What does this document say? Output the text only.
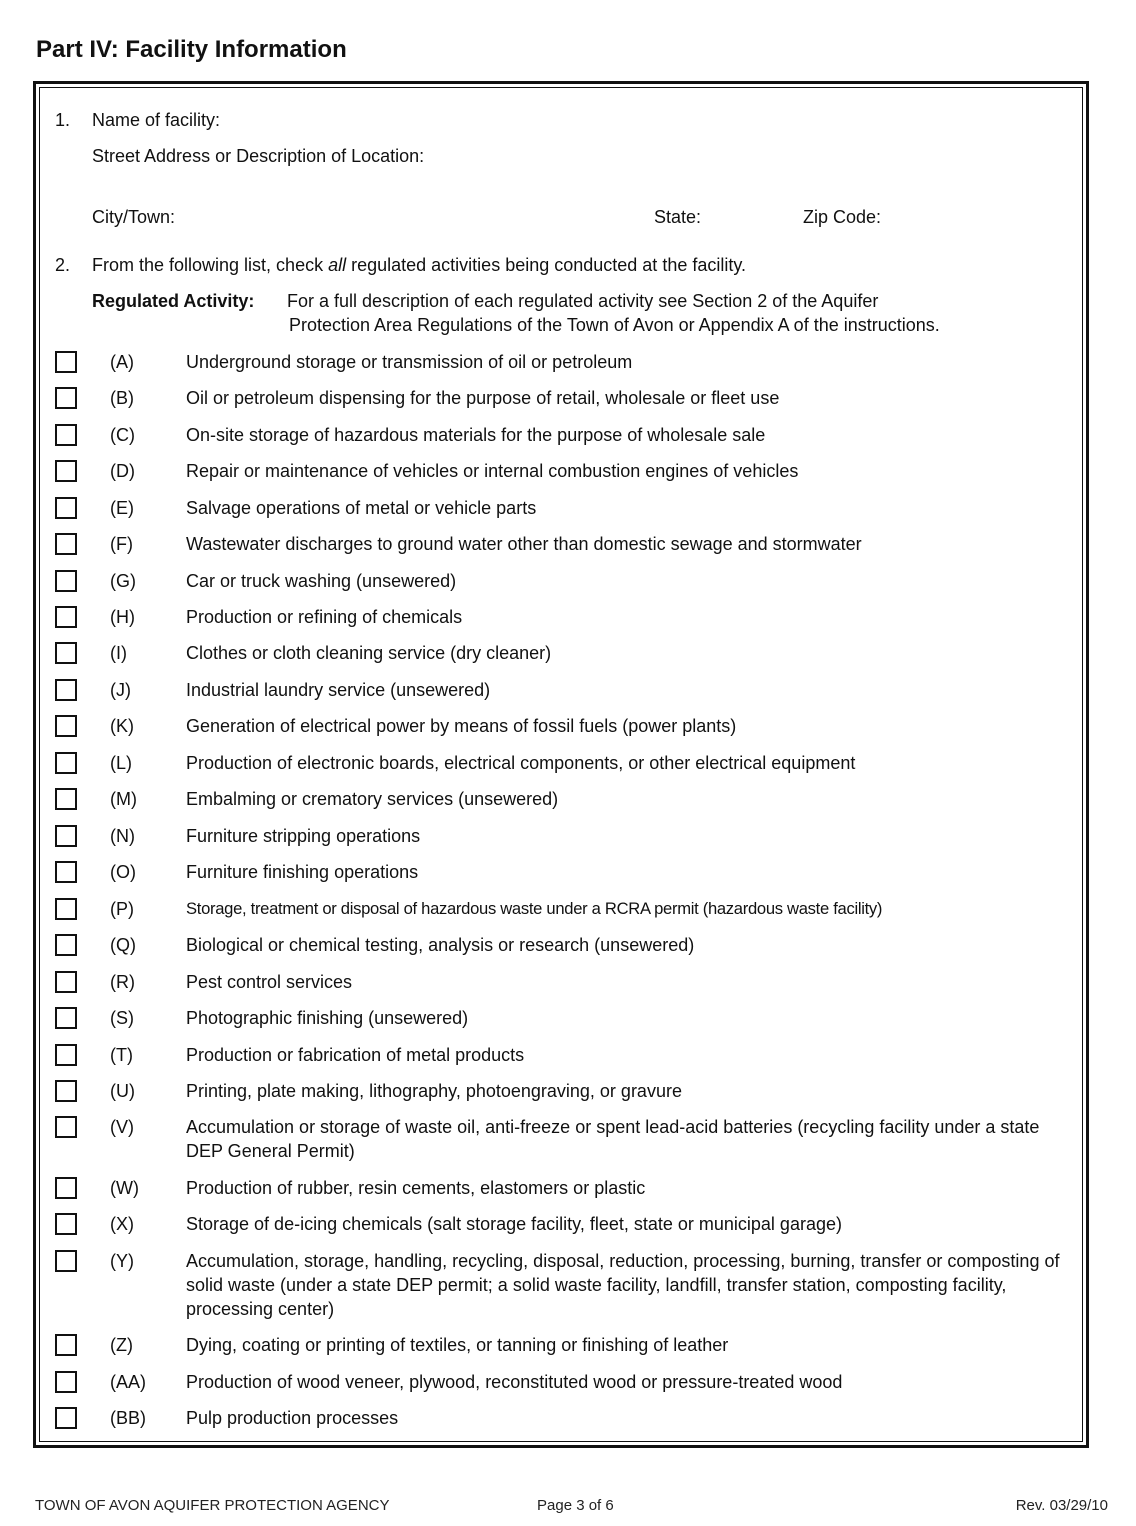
Part IV: Facility Information
1. Name of facility:
Street Address or Description of Location:
City/Town:	State:	Zip Code:
2. From the following list, check all regulated activities being conducted at the facility.
Regulated Activity: For a full description of each regulated activity see Section 2 of the Aquifer
Protection Area Regulations of the Town of Avon or Appendix A of the instructions.
(A)	Underground storage or transmission of oil or petroleum
(B)	Oil or petroleum dispensing for the purpose of retail, wholesale or fleet use
(C)	On-site storage of hazardous materials for the purpose of wholesale sale
(D)	Repair or maintenance of vehicles or internal combustion engines of vehicles
(E)	Salvage operations of metal or vehicle parts
(F)	Wastewater discharges to ground water other than domestic sewage and stormwater
(G)	Car or truck washing (unsewered)
(H)	Production or refining of chemicals
(I)	Clothes or cloth cleaning service (dry cleaner)
(J)	Industrial laundry service (unsewered)
(K)	Generation of electrical power by means of fossil fuels (power plants)
(L)	Production of electronic boards, electrical components, or other electrical equipment
(M)	Embalming or crematory services (unsewered)
(N)	Furniture stripping operations
(O)	Furniture finishing operations
(P)	Storage, treatment or disposal of hazardous waste under a RCRA permit (hazardous waste facility)
(Q)	Biological or chemical testing, analysis or research (unsewered)
(R)	Pest control services
(S)	Photographic finishing (unsewered)
(T)	Production or fabrication of metal products
(U)	Printing, plate making, lithography, photoengraving, or gravure
(V)	Accumulation or storage of waste oil, anti-freeze or spent lead-acid batteries (recycling facility under a state DEP General Permit)
(W)	Production of rubber, resin cements, elastomers or plastic
(X)	Storage of de-icing chemicals (salt storage facility, fleet, state or municipal garage)
(Y)	Accumulation, storage, handling, recycling, disposal, reduction, processing, burning, transfer or composting of solid waste (under a state DEP permit; a solid waste facility, landfill, transfer station, composting facility, processing center)
(Z)	Dying, coating or printing of textiles, or tanning or finishing of leather
(AA) Production of wood veneer, plywood, reconstituted wood or pressure-treated wood
(BB) Pulp production processes
TOWN OF AVON AQUIFER PROTECTION AGENCY	Page 3 of 6	Rev. 03/29/10
